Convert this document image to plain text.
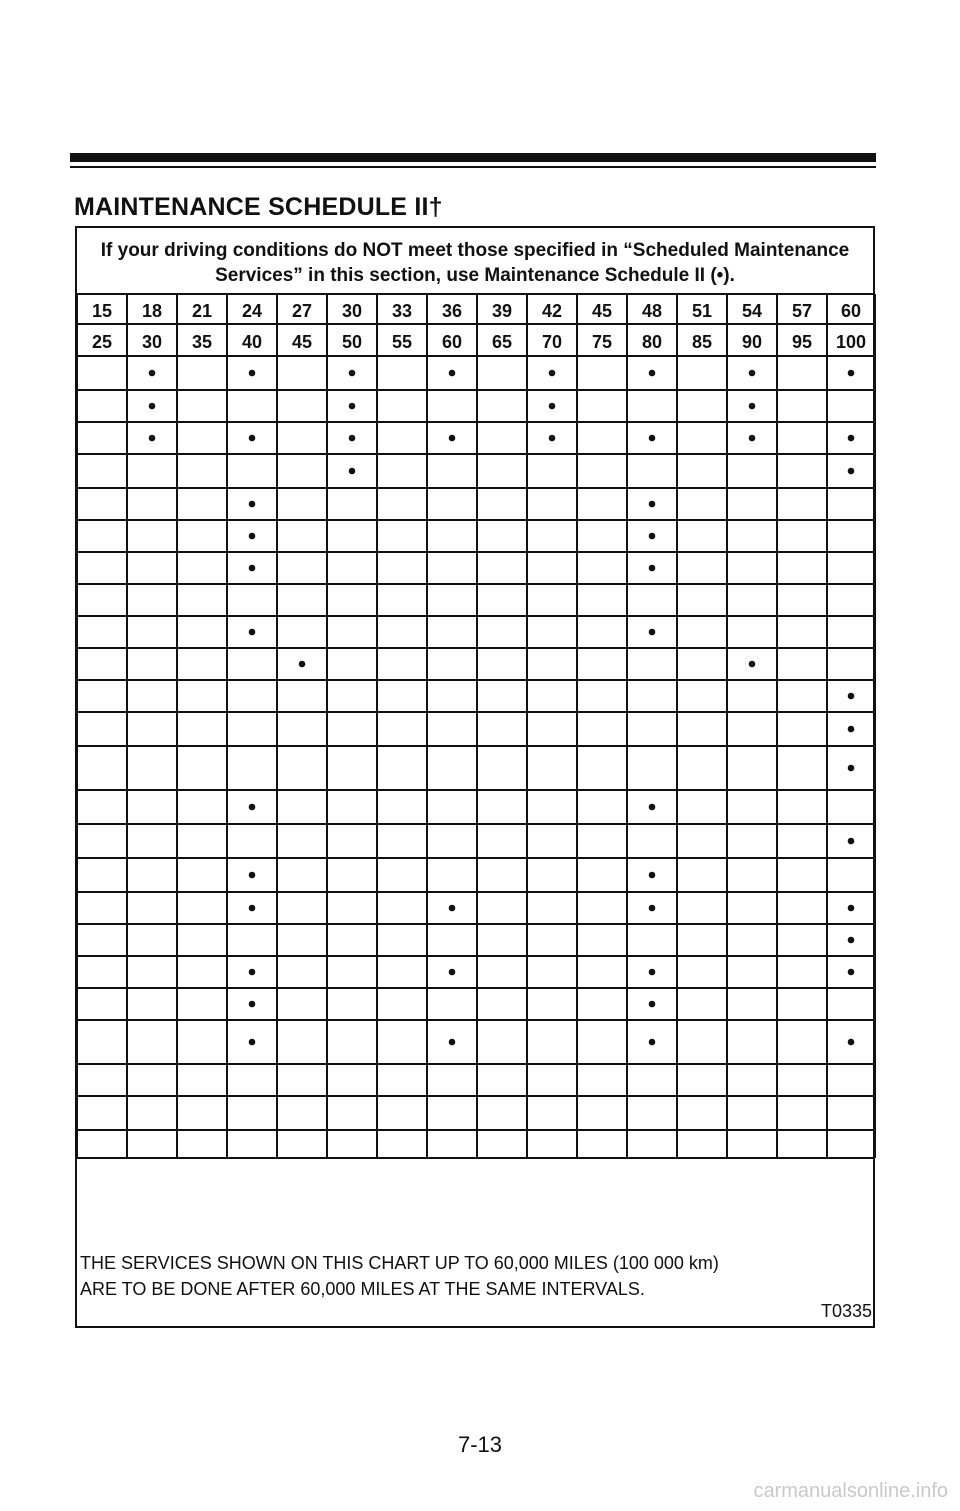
MAINTENANCE SCHEDULE II†
If your driving conditions do NOT meet those specified in “Scheduled Maintenance Services” in this section, use Maintenance Schedule II (•).
15 18 21 24 27 30 33 36 39 42 45 48 51 54 57 60
25 30 35 40 45 50 55 60 65 70 75 80 85 90 95 100
THE SERVICES SHOWN ON THIS CHART UP TO 60,000 MILES (100 000 km)
ARE TO BE DONE AFTER 60,000 MILES AT THE SAME INTERVALS.
T0335
7-13
carmanualsonline.info
